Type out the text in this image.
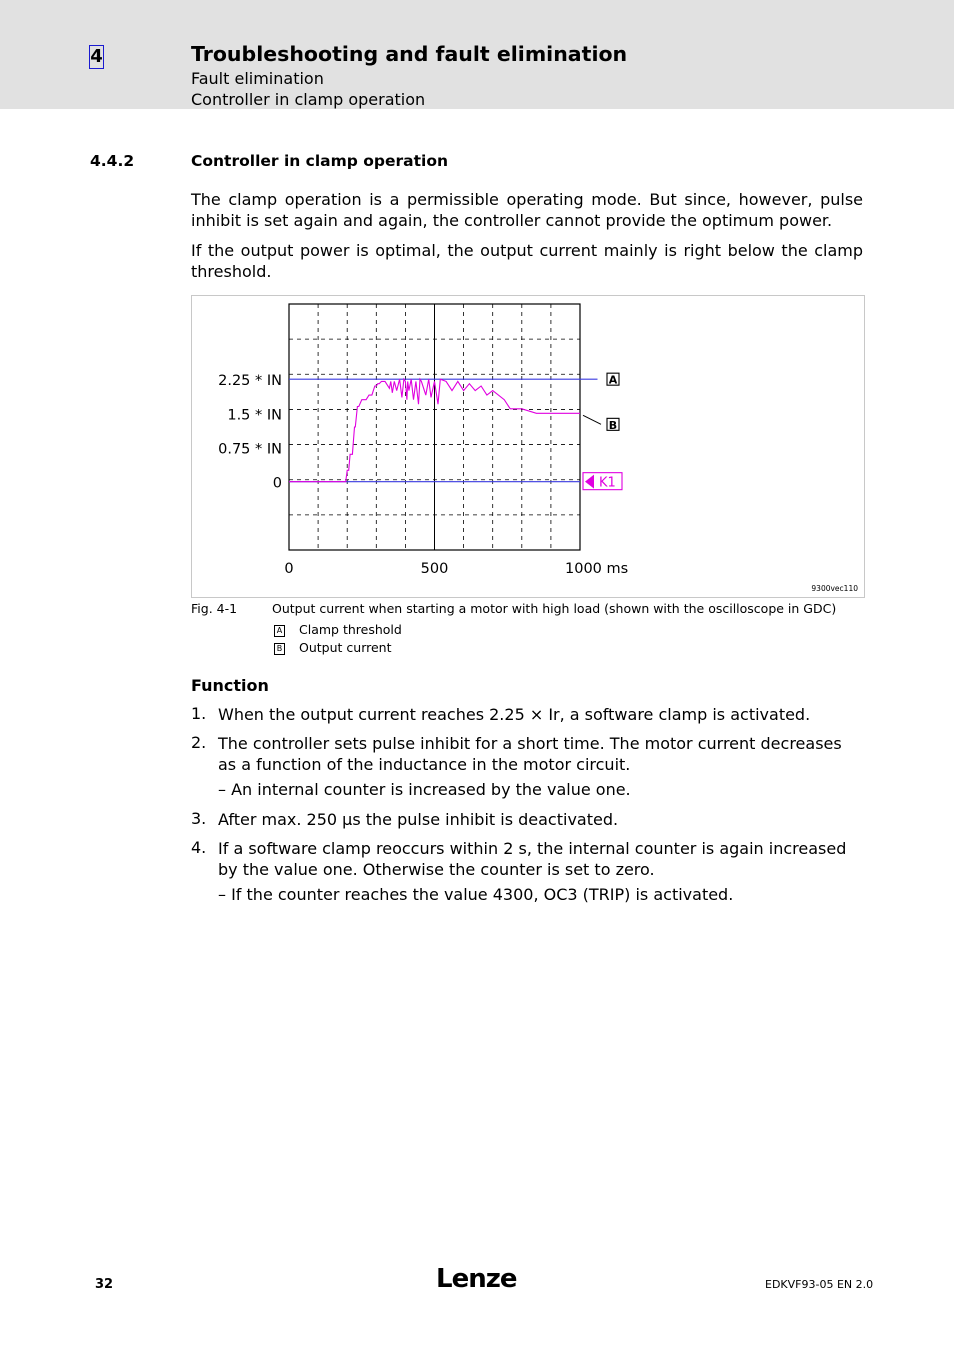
4	Troubleshooting and fault elimination
Fault elimination
Controller in clamp operation
4.4.2	Controller in clamp operation
The clamp operation is a permissible operating mode. But since, however, pulse inhibit is set again and again, the controller cannot provide the optimum power.
If the output power is optimal, the output current mainly is right below the clamp threshold.
2.25 * IN
1.5 * IN
0.75 * IN
0
0	500	1000 ms
A
B
K1
9300vec110
Fig. 4-1	Output current when starting a motor with high load (shown with the oscilloscope in GDC)
A Clamp threshold
B Output current
Function
1. When the output current reaches 2.25 × Ir, a software clamp is activated.
2. The controller sets pulse inhibit for a short time. The motor current decreases as a function of the inductance in the motor circuit.
– An internal counter is increased by the value one.
3. After max. 250 µs the pulse inhibit is deactivated.
4. If a software clamp reoccurs within 2 s, the internal counter is again increased by the value one. Otherwise the counter is set to zero.
– If the counter reaches the value 4300, OC3 (TRIP) is activated.
32	Lenze	EDKVF93-05 EN 2.0
